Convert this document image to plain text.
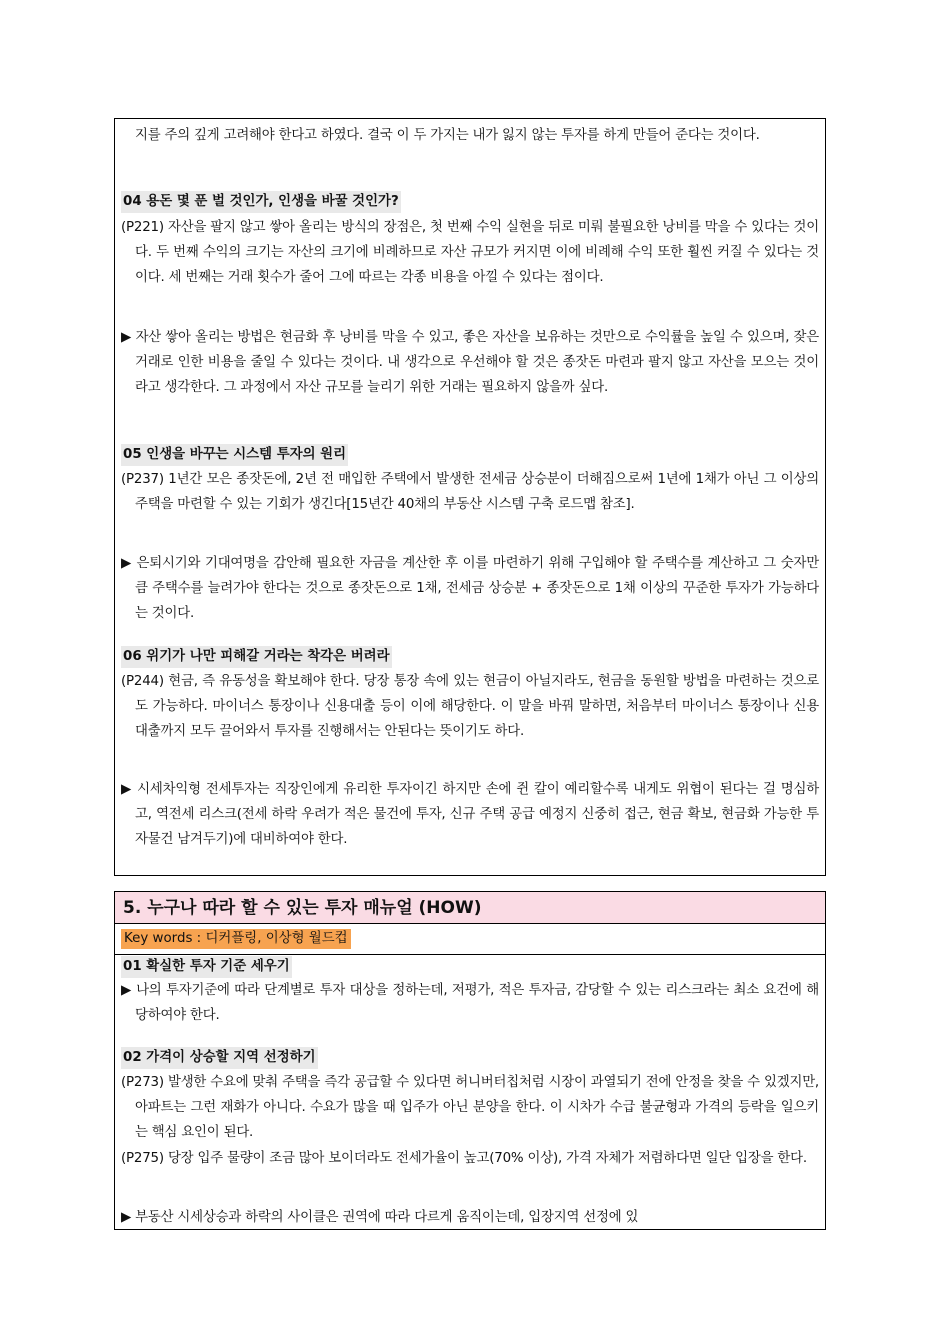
지를 주의 깊게 고려해야 한다고 하였다. 결국 이 두 가지는 내가 잃지 않는 투자를 하게 만들어 준다는 것이다.
04 용돈 몇 푼 벌 것인가, 인생을 바꿀 것인가?
(P221) 자산을 팔지 않고 쌓아 올리는 방식의 장점은, 첫 번째 수익 실현을 뒤로 미뤄 불필요한 낭비를 막을 수 있다는 것이다. 두 번째 수익의 크기는 자산의 크기에 비례하므로 자산 규모가 커지면 이에 비례해 수익 또한 훨씬 커질 수 있다는 것이다. 세 번째는 거래 횟수가 줄어 그에 따르는 각종 비용을 아낄 수 있다는 점이다.
▶ 자산 쌓아 올리는 방법은 현금화 후 낭비를 막을 수 있고, 좋은 자산을 보유하는 것만으로 수익률을 높일 수 있으며, 잦은 거래로 인한 비용을 줄일 수 있다는 것이다. 내 생각으로 우선해야 할 것은 종잣돈 마련과 팔지 않고 자산을 모으는 것이라고 생각한다. 그 과정에서 자산 규모를 늘리기 위한 거래는 필요하지 않을까 싶다.
05 인생을 바꾸는 시스템 투자의 원리
(P237) 1년간 모은 종잣돈에, 2년 전 매입한 주택에서 발생한 전세금 상승분이 더해짐으로써 1년에 1채가 아닌 그 이상의 주택을 마련할 수 있는 기회가 생긴다[15년간 40채의 부동산 시스템 구축 로드맵 참조].
▶ 은퇴시기와 기대여명을 감안해 필요한 자금을 계산한 후 이를 마련하기 위해 구입해야 할 주택수를 계산하고 그 숫자만큼 주택수를 늘려가야 한다는 것으로 종잣돈으로 1채, 전세금 상승분 + 종잣돈으로 1채 이상의 꾸준한 투자가 가능하다는 것이다.
06 위기가 나만 피해갈 거라는 착각은 버려라
(P244) 현금, 즉 유동성을 확보해야 한다. 당장 통장 속에 있는 현금이 아닐지라도, 현금을 동원할 방법을 마련하는 것으로도 가능하다. 마이너스 통장이나 신용대출 등이 이에 해당한다. 이 말을 바꿔 말하면, 처음부터 마이너스 통장이나 신용대출까지 모두 끌어와서 투자를 진행해서는 안된다는 뜻이기도 하다.
▶ 시세차익형 전세투자는 직장인에게 유리한 투자이긴 하지만 손에 쥔 칼이 예리할수록 내게도 위협이 된다는 걸 명심하고, 역전세 리스크(전세 하락 우려가 적은 물건에 투자, 신규 주택 공급 예정지 신중히 접근, 현금 확보, 현금화 가능한 투자물건 남겨두기)에 대비하여야 한다.
5. 누구나 따라 할 수 있는 투자 매뉴얼 (HOW)
Key words : 디커플링, 이상형 월드컵
01 확실한 투자 기준 세우기
▶ 나의 투자기준에 따라 단계별로 투자 대상을 정하는데, 저평가, 적은 투자금, 감당할 수 있는 리스크라는 최소 요건에 해당하여야 한다.
02 가격이 상승할 지역 선정하기
(P273) 발생한 수요에 맞춰 주택을 즉각 공급할 수 있다면 허니버터칩처럼 시장이 과열되기 전에 안정을 찾을 수 있겠지만, 아파트는 그런 재화가 아니다. 수요가 많을 때 입주가 아닌 분양을 한다. 이 시차가 수급 불균형과 가격의 등락을 일으키는 핵심 요인이 된다.
(P275) 당장 입주 물량이 조금 많아 보이더라도 전세가율이 높고(70% 이상), 가격 자체가 저렴하다면 일단 입장을 한다.
▶ 부동산 시세상승과 하락의 사이클은 권역에 따라 다르게 움직이는데, 입장지역 선정에 있
